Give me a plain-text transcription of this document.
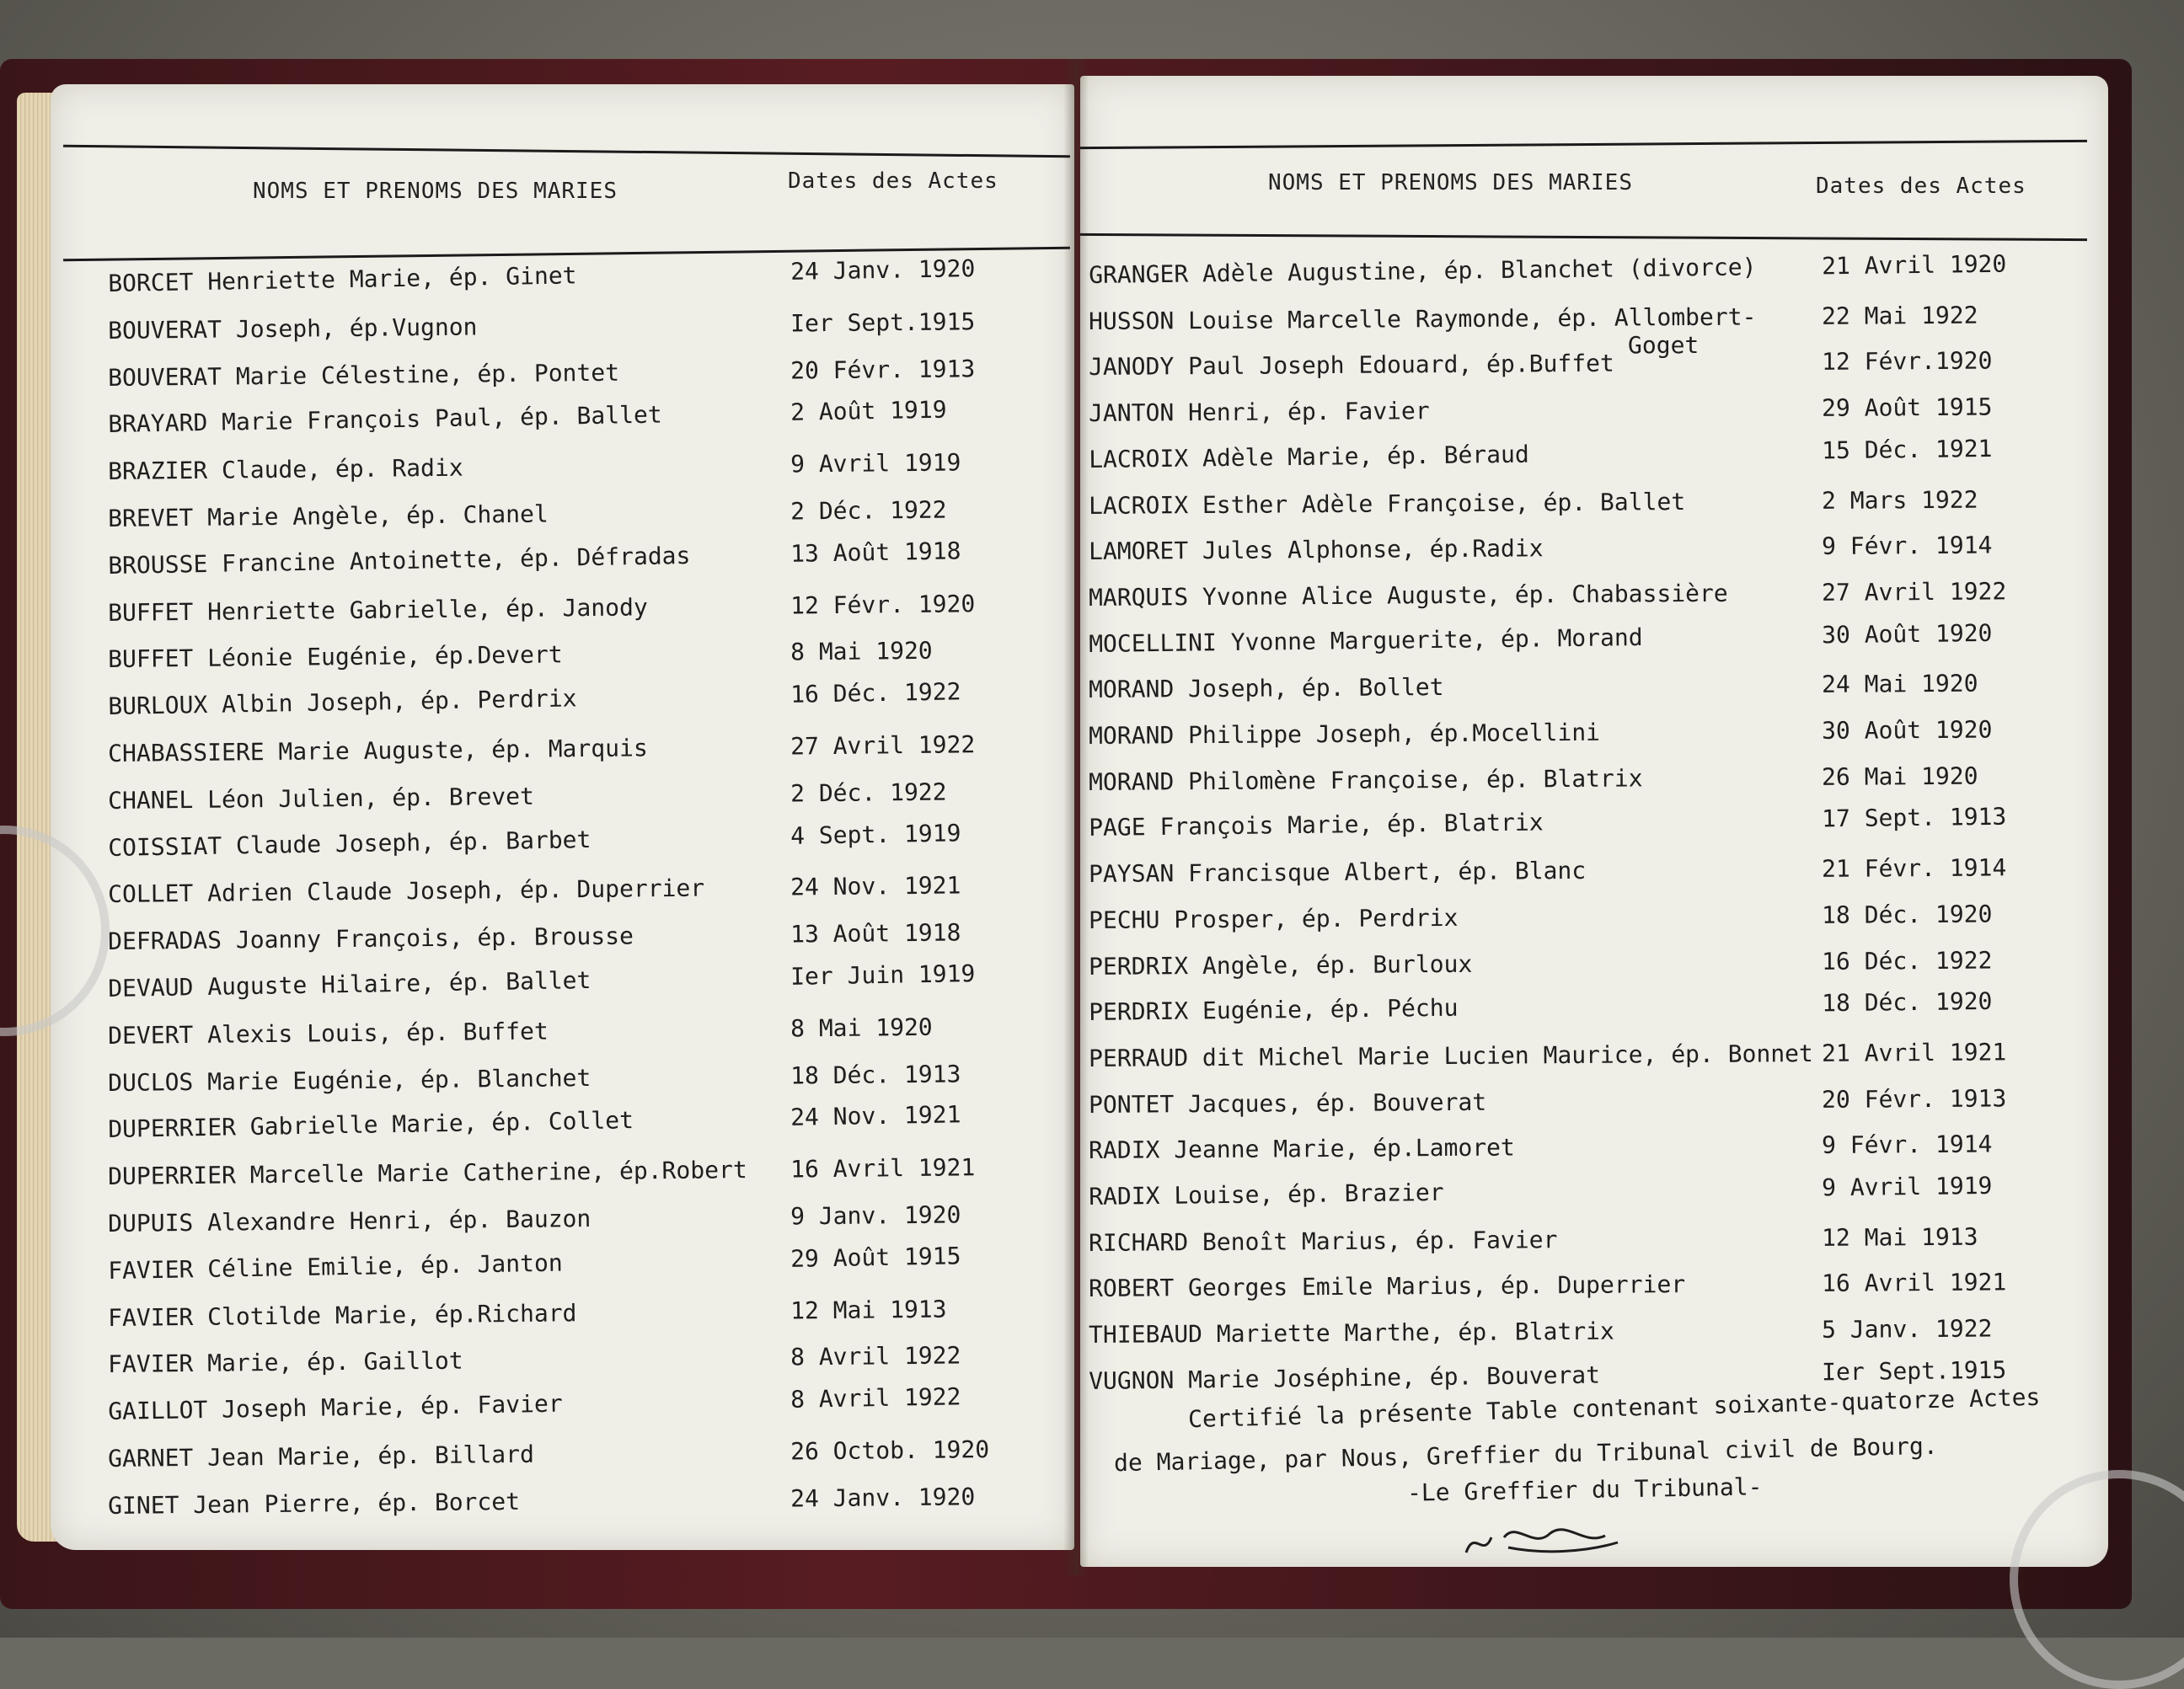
NOMS ET PRENOMS DES MARIES	Dates des Actes	NOMS ET PRENOMS DES MARIES	Dates des Actes
BORCET Henriette Marie, ép. Ginet	24 Janv. 1920
BOUVERAT Joseph, ép.Vugnon	Ier Sept.1915
BOUVERAT Marie Célestine, ép. Pontet	20 Févr. 1913
BRAYARD Marie François Paul, ép. Ballet	2 Août 1919
BRAZIER Claude, ép. Radix	9 Avril 1919
BREVET Marie Angèle, ép. Chanel	2 Déc. 1922
BROUSSE Francine Antoinette, ép. Défradas	13 Août 1918
BUFFET Henriette Gabrielle, ép. Janody	12 Févr. 1920
BUFFET Léonie Eugénie, ép.Devert	8 Mai 1920
BURLOUX Albin Joseph, ép. Perdrix	16 Déc. 1922
CHABASSIERE Marie Auguste, ép. Marquis	27 Avril 1922
CHANEL Léon Julien, ép. Brevet	2 Déc. 1922
COISSIAT Claude Joseph, ép. Barbet	4 Sept. 1919
COLLET Adrien Claude Joseph, ép. Duperrier	24 Nov. 1921
DEFRADAS Joanny François, ép. Brousse	13 Août 1918
DEVAUD Auguste Hilaire, ép. Ballet	Ier Juin 1919
DEVERT Alexis Louis, ép. Buffet	8 Mai 1920
DUCLOS Marie Eugénie, ép. Blanchet	18 Déc. 1913
DUPERRIER Gabrielle Marie, ép. Collet	24 Nov. 1921
DUPERRIER Marcelle Marie Catherine, ép.Robert 16 Avril 1921
DUPUIS Alexandre Henri, ép. Bauzon	9 Janv. 1920
FAVIER Céline Emilie, ép. Janton	29 Août 1915
FAVIER Clotilde Marie, ép.Richard	12 Mai 1913
FAVIER Marie, ép. Gaillot	8 Avril 1922
GAILLOT Joseph Marie, ép. Favier	8 Avril 1922
GARNET Jean Marie, ép. Billard	26 Octob. 1920
GINET Jean Pierre, ép. Borcet	24 Janv. 1920
GRANGER Adèle Augustine, ép. Blanchet (divorce)	21 Avril 1920
HUSSON Louise Marcelle Raymonde, ép. Allombert-	22 Mai 1922
Goget
JANODY Paul Joseph Edouard, ép.Buffet	12 Févr.1920
JANTON Henri, ép. Favier	29 Août 1915
LACROIX Adèle Marie, ép. Béraud	15 Déc. 1921
LACROIX Esther Adèle Françoise, ép. Ballet	2 Mars 1922
LAMORET Jules Alphonse, ép.Radix	9 Févr. 1914
MARQUIS Yvonne Alice Auguste, ép. Chabassière	27 Avril 1922
MOCELLINI Yvonne Marguerite, ép. Morand	30 Août 1920
MORAND Joseph, ép. Bollet	24 Mai 1920
MORAND Philippe Joseph, ép.Mocellini	30 Août 1920
MORAND Philomène Françoise, ép. Blatrix	26 Mai 1920
PAGE François Marie, ép. Blatrix	17 Sept. 1913
PAYSAN Francisque Albert, ép. Blanc	21 Févr. 1914
PECHU Prosper, ép. Perdrix	18 Déc. 1920
PERDRIX Angèle, ép. Burloux	16 Déc. 1922
PERDRIX Eugénie, ép. Péchu	18 Déc. 1920
PERRAUD dit Michel Marie Lucien Maurice, ép. Bonnet 21 Avril 1921
PONTET Jacques, ép. Bouverat	20 Févr. 1913
RADIX Jeanne Marie, ép.Lamoret	9 Févr. 1914
RADIX Louise, ép. Brazier	9 Avril 1919
RICHARD Benoît Marius, ép. Favier	12 Mai 1913
ROBERT Georges Emile Marius, ép. Duperrier	16 Avril 1921
THIEBAUD Mariette Marthe, ép. Blatrix	5 Janv. 1922
VUGNON Marie Joséphine, ép. Bouverat	Ier Sept.1915
Certifié la présente Table contenant soixante-quatorze Actes
de Mariage, par Nous, Greffier du Tribunal civil de Bourg.
-Le Greffier du Tribunal-
